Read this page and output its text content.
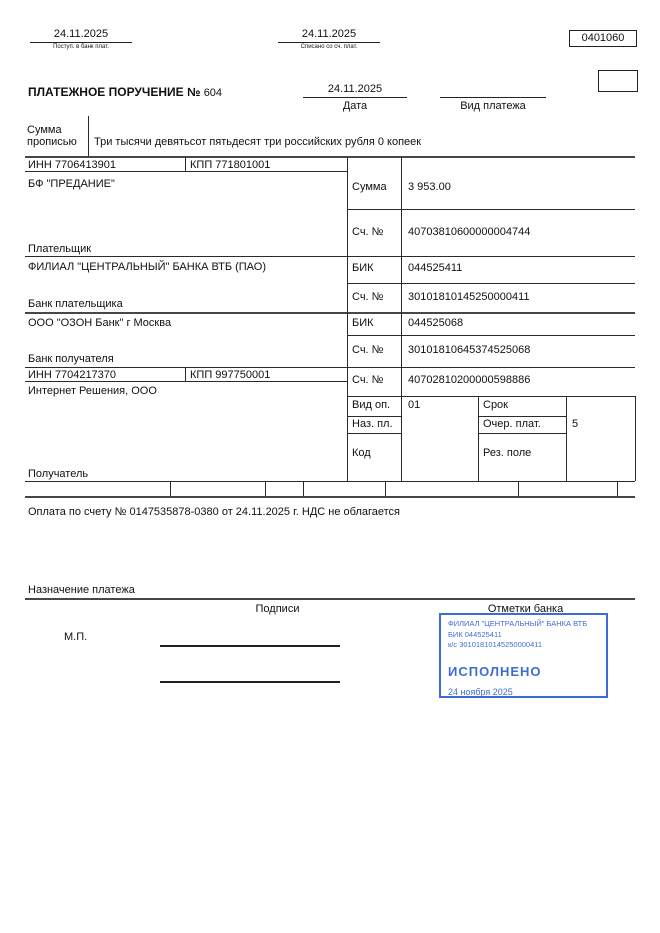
24.11.2025
Поступ. в банк плат.
24.11.2025
Списано со сч. плат.
0401060
ПЛАТЕЖНОЕ ПОРУЧЕНИЕ № 604	24.11.2025
Дата	Вид платежа
Сумма прописью	Три тысячи девятьсот пятьдесят три российских рубля 0 копеек
ИНН 7706413901	КПП 771801001
БФ "ПРЕДАНИЕ"
Плательщик
Сумма 3 953.00
Сч. № 40703810600000004744
ФИЛИАЛ "ЦЕНТРАЛЬНЫЙ" БАНКА ВТБ (ПАО)
Банк плательщика
БИК	044525411
Сч. № 30101810145250000411
ООО "ОЗОН Банк" г Москва
Банк получателя
БИК	044525068
Сч. № 30101810645374525068
ИНН 7704217370	КПП 997750001
Интернет Решения, ООО
Получатель
Сч. № 40702810200000598886
Вид оп. 01	Срок
Наз. пл.	Очер. плат.	5
Код	Рез. поле
Оплата по счету № 0147535878-0380 от 24.11.2025 г. НДС не облагается
Назначение платежа
Подписи	Отметки банка
М.П.
ФИЛИАЛ "ЦЕНТРАЛЬНЫЙ" БАНКА ВТБ
БИК 044525411
к/с 30101810145250000411
ИСПОЛНЕНО
24 ноября 2025
